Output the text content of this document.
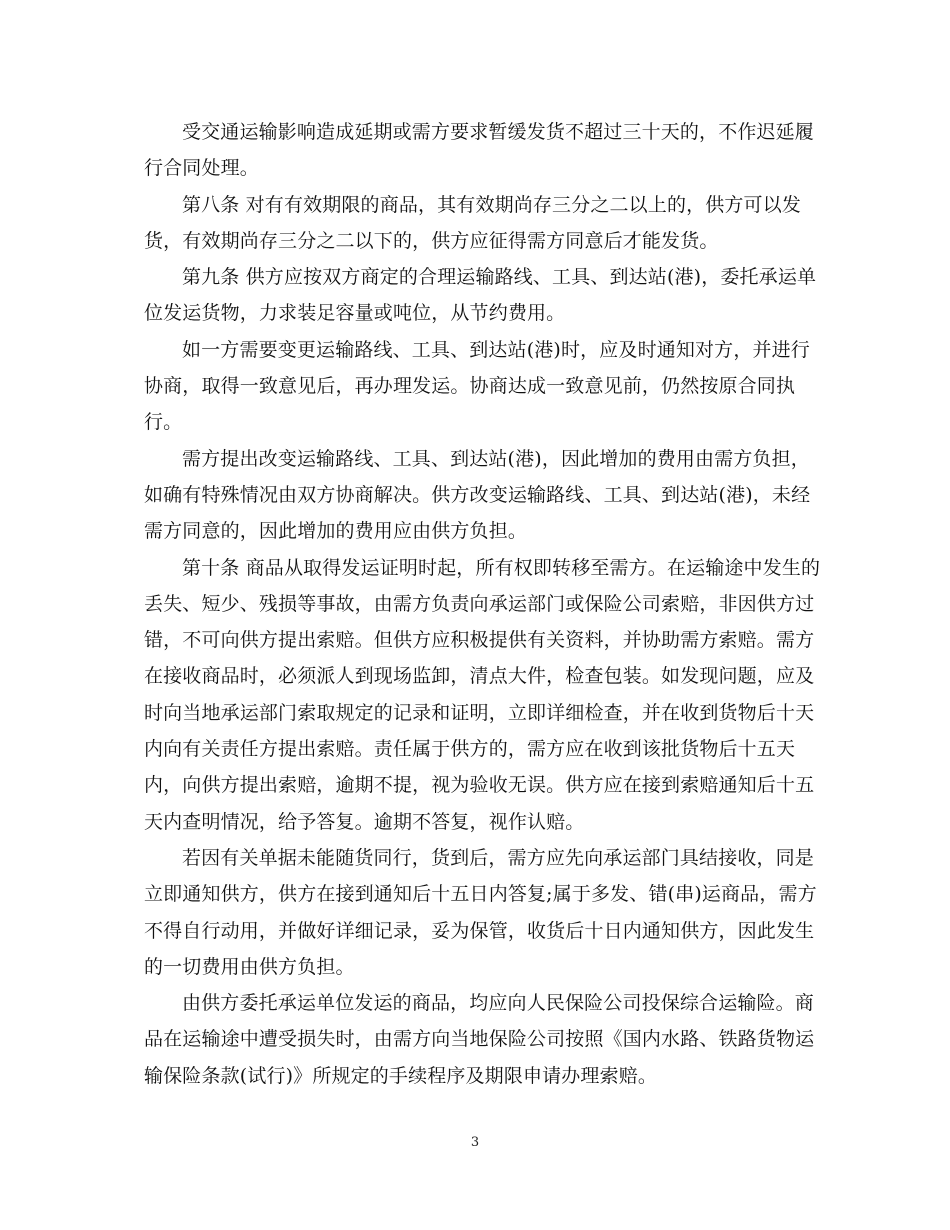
受交通运输影响造成延期或需方要求暂缓发货不超过三十天的，不作迟延履
行合同处理。
第八条 对有有效期限的商品，其有效期尚存三分之二以上的，供方可以发
货，有效期尚存三分之二以下的，供方应征得需方同意后才能发货。
第九条 供方应按双方商定的合理运输路线、工具、到达站(港)，委托承运单
位发运货物，力求装足容量或吨位，从节约费用。
如一方需要变更运输路线、工具、到达站(港)时，应及时通知对方，并进行
协商，取得一致意见后，再办理发运。协商达成一致意见前，仍然按原合同执
行。
需方提出改变运输路线、工具、到达站(港)，因此增加的费用由需方负担，
如确有特殊情况由双方协商解决。供方改变运输路线、工具、到达站(港)，未经
需方同意的，因此增加的费用应由供方负担。
第十条 商品从取得发运证明时起，所有权即转移至需方。在运输途中发生的
丢失、短少、残损等事故，由需方负责向承运部门或保险公司索赔，非因供方过
错，不可向供方提出索赔。但供方应积极提供有关资料，并协助需方索赔。需方
在接收商品时，必须派人到现场监卸，清点大件，检查包装。如发现问题，应及
时向当地承运部门索取规定的记录和证明，立即详细检查，并在收到货物后十天
内向有关责任方提出索赔。责任属于供方的，需方应在收到该批货物后十五天
内，向供方提出索赔，逾期不提，视为验收无误。供方应在接到索赔通知后十五
天内查明情况，给予答复。逾期不答复，视作认赔。
若因有关单据未能随货同行，货到后，需方应先向承运部门具结接收，同是
立即通知供方，供方在接到通知后十五日内答复;属于多发、错(串)运商品，需方
不得自行动用，并做好详细记录，妥为保管，收货后十日内通知供方，因此发生
的一切费用由供方负担。
由供方委托承运单位发运的商品，均应向人民保险公司投保综合运输险。商
品在运输途中遭受损失时，由需方向当地保险公司按照《国内水路、铁路货物运
输保险条款(试行)》所规定的手续程序及期限申请办理索赔。
3
